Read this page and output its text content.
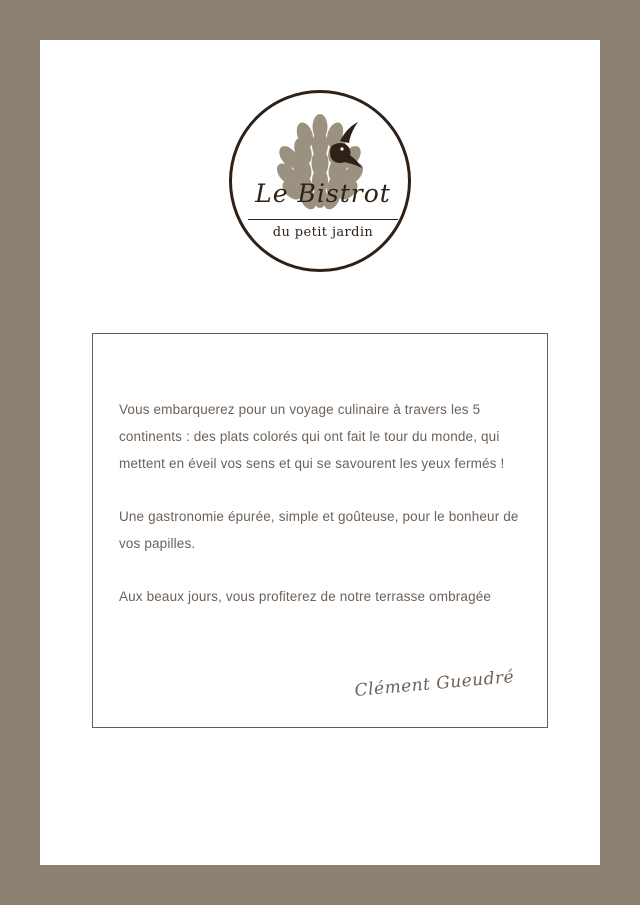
Le Bistrot
du petit jardin

Vous embarquerez pour un voyage culinaire à travers les 5 continents : des plats colorés qui ont fait le tour du monde, qui mettent en éveil vos sens et qui se savourent les yeux fermés !

Une gastronomie épurée, simple et goûteuse, pour le bonheur de vos papilles.

Aux beaux jours, vous profiterez de notre terrasse ombragée

Clément Gueudré
